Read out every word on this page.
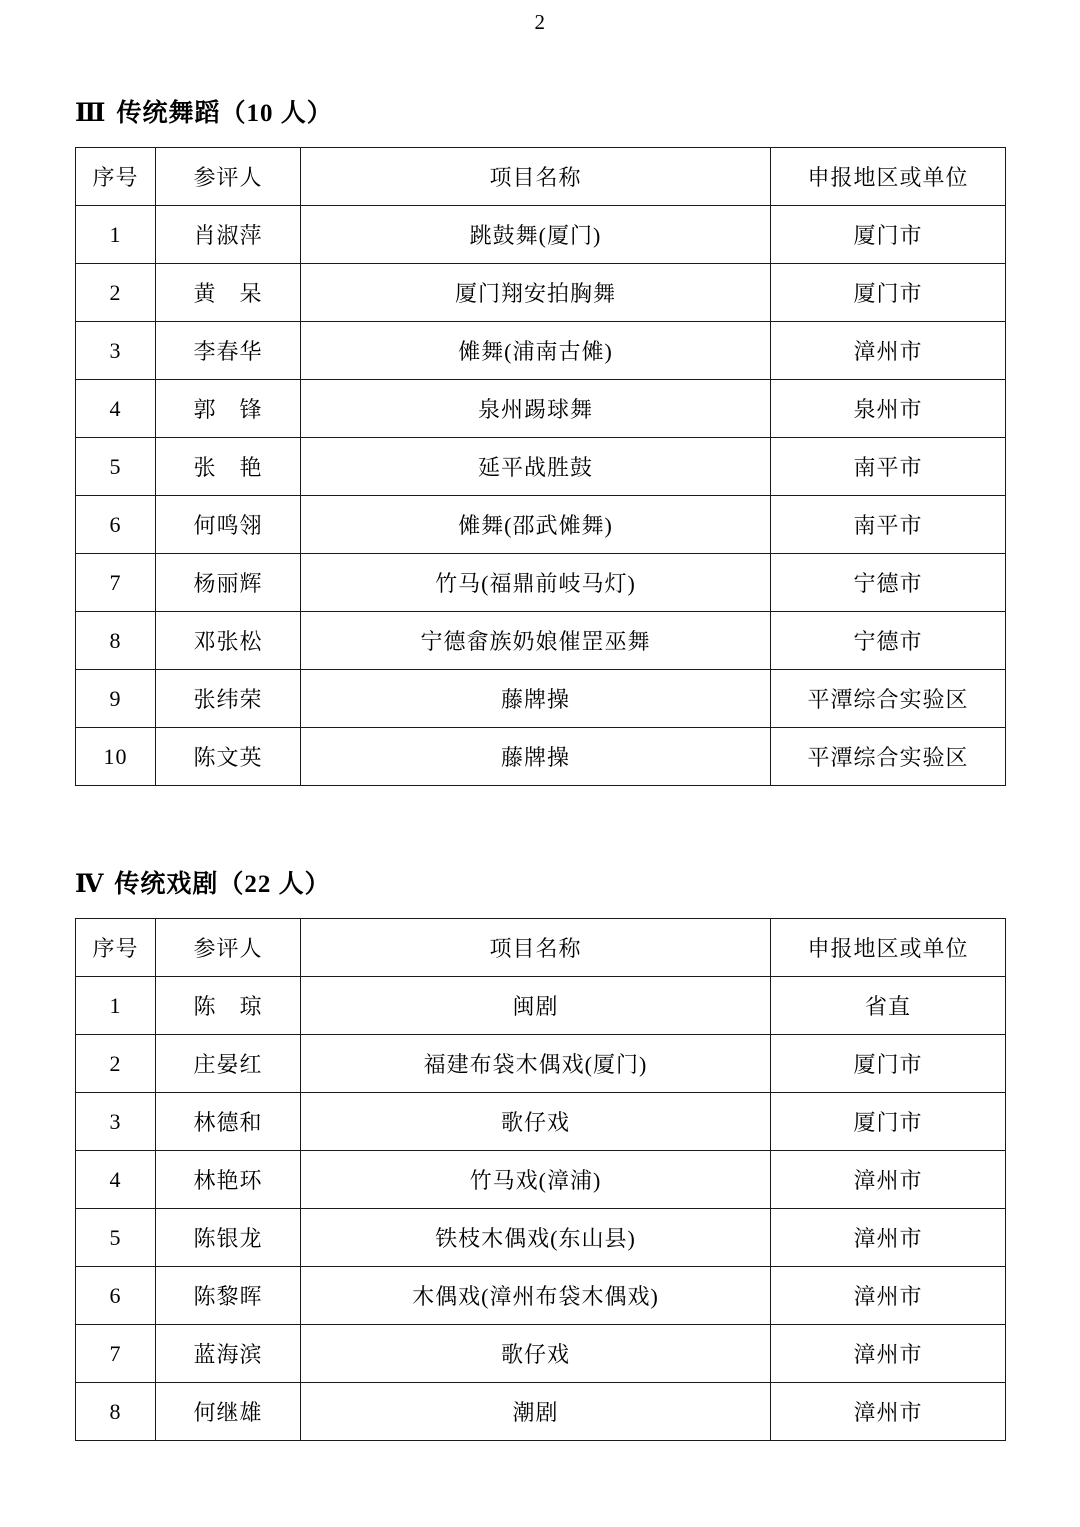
2
Ⅲ 传统舞蹈（10 人）
序号	参评人	项目名称	申报地区或单位
1	肖淑萍	跳鼓舞(厦门)	厦门市
2	黄　呆	厦门翔安拍胸舞	厦门市
3	李春华	傩舞(浦南古傩)	漳州市
4	郭　锋	泉州踢球舞	泉州市
5	张　艳	延平战胜鼓	南平市
6	何鸣翎	傩舞(邵武傩舞)	南平市
7	杨丽辉	竹马(福鼎前岐马灯)	宁德市
8	邓张松	宁德畲族奶娘催罡巫舞	宁德市
9	张纬荣	藤牌操	平潭综合实验区
10	陈文英	藤牌操	平潭综合实验区
Ⅳ 传统戏剧（22 人）
序号	参评人	项目名称	申报地区或单位
1	陈　琼	闽剧	省直
2	庄晏红	福建布袋木偶戏(厦门)	厦门市
3	林德和	歌仔戏	厦门市
4	林艳环	竹马戏(漳浦)	漳州市
5	陈银龙	铁枝木偶戏(东山县)	漳州市
6	陈黎晖	木偶戏(漳州布袋木偶戏)	漳州市
7	蓝海滨	歌仔戏	漳州市
8	何继雄	潮剧	漳州市
